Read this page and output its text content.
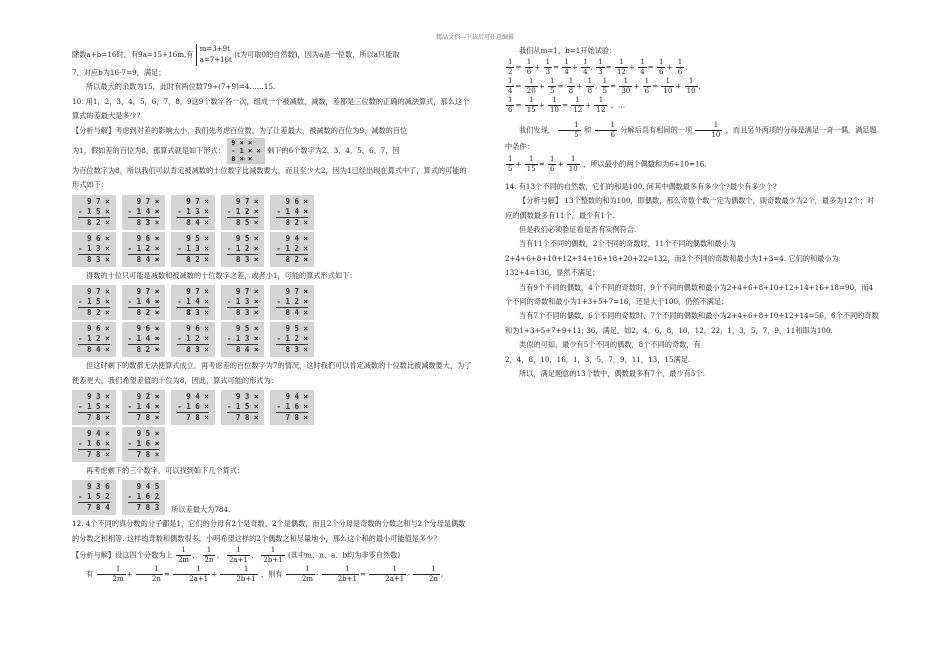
精品文档---下载后可任意编辑

除数a+b=16时，有9a=15+16m,有 m=3+9t
a=7+16t (t为可取0的自然数)，因为a是一位数，所以a只能取

7，对应b为16-7=9，满足；

所以最大的余数为15，此时有两位数79÷(7+9)=4……15.

10. 用1，2，3，4，5，6，7，8，9这9个数字各一次，组成一个被减数，减数，差都是三位数的正确的减法算式，那么这个算式的差最大是多少？

【分析与解】考虑到对差的影响大小，我们先考虑百位数。为了让差最大，被减数的百位为9，减数的百位

为1，假如差的百位为8，那算式就是如下形式： 9 × ×
- 1 × ×
8 × × 剩下的6个数字为2、3、4、5、6、7，因

为百位数字为8，所以我们可以肯定被减数的十位数字比减数要大，而且至少大2，因为1已经出现在算式中了，算式的可能的形式如下：

9 7 ×
- 1 5 ×
8 2 ×
9 7 ×
- 1 4 ×
8 3 ×
9 7 ×
- 1 3 ×
8 4 ×
9 7 ×
- 1 2 ×
8 5 ×
9 6 ×
- 1 4 ×
8 2 ×
9 6 ×
- 1 3 ×
8 3 ×
9 6 ×
- 1 2 ×
8 4 ×
9 5 ×
- 1 3 ×
8 2 ×
9 5 ×
- 1 2 ×
8 3 ×
9 4 ×
- 1 2 ×
8 2 ×

得数的十位只可能是减数和被减数的十位数字之差，或者小1，可能的算式形式如下：

9 7 ×
- 1 5 ×
8 2 ×
9 7 ×
- 1 4 ×
8 2 ×
9 7 ×
- 1 4 ×
8 3 ×
9 7 ×
- 1 3 ×
8 3 ×
9 7 ×
- 1 2 ×
8 4 ×
9 6 ×
- 1 2 ×
8 4 ×
9 6 ×
- 1 4 ×
8 2 ×
9 6 ×
- 1 2 ×
8 3 ×
9 5 ×
- 1 3 ×
8 4 ×
9 5 ×
- 1 2 ×
8 3 ×

但这时剩下的数都无法使算式成立。再考虑差的百位数字为7的情况，这时我们可以肯定减数的十位数比被减数要大，为了使差更大，我们希望差值的十位为8，因此，算式可能的形式为：

9 3 ×
- 1 5 ×
7 8 ×
9 2 ×
- 1 4 ×
7 8 ×
9 4 ×
- 1 6 ×
7 8 ×
9 3 ×
- 1 5 ×
7 8 ×
9 4 ×
- 1 6 ×
7 8 ×
9 4 ×
- 1 6 ×
7 8 ×
9 5 ×
- 1 6 ×
7 8 ×

再考虑剩下的三个数字，可以找到如下几个算式：

9 3 6
- 1 5 2
7 8 4
9 4 5
- 1 6 2
7 8 3 所以差最大为784.

12. 4个不同的真分数的分子都是1，它们的分母有2个是奇数、2个是偶数，而且2个分母是奇数的分数之和与2个分母是偶数的分数之和相等. 这样的奇数和偶数很多，小明希望这样的2个偶数之和尽量地小，那么这个和的最小可能值是多少？

【分析与解】设这四个分数为上 $\frac{1}{2m}$ 、 $\frac{1}{2n}$ 、 $\frac{1}{2a+1}$ 、 $\frac{1}{2b+1}$ (其中m、n、a、b均为非零自然数)

有 $\frac{1}{2m} + \frac{1}{2n} = \frac{1}{2a+1} + \frac{1}{2b+1}$ ，则有 $\frac{1}{2m} - \frac{1}{2b+1} = \frac{1}{2a+1} - \frac{1}{2n}$ ,

我们从m=1，b=1开始试验：

$\frac{1}{2} = \frac{1}{6} + \frac{1}{3} = \frac{1}{4} + \frac{1}{4}$ , $\frac{1}{3} = \frac{1}{12} + \frac{1}{4} = \frac{1}{6} + \frac{1}{6}$ ,

$\frac{1}{4} = \frac{1}{20} + \frac{1}{5} = \frac{1}{8} + \frac{1}{8}$ , $\frac{1}{5} = \frac{1}{30} + \frac{1}{6} = \frac{1}{10} + \frac{1}{10}$ ,

$\frac{1}{6} = \frac{1}{15} + \frac{1}{10} = \frac{1}{12} + \frac{1}{12}$ ，…

我们发现， $\frac{1}{5}$ 和 $\frac{1}{6}$ 分解后具有相同的一项 $\frac{1}{10}$ ，而且另外两项的分母是满足一奇一偶，满足题中条件：

$\frac{1}{5} + \frac{1}{15} = \frac{1}{6} + \frac{1}{10}$ ，所以最小的两个偶数和为6+10=16.

14. 有13个不同的自然数，它们的和是100. 问其中偶数最多有多少个?最少有多少个?

【分析与解】 13个整数的和为100，即偶数，那么奇数个数一定为偶数个，则奇数最少为2个，最多为12个；对应的偶数最多有11个，最少有1个.

但是我们必须验证看是否有实例符合.

当有11个不同的偶数，2个不同的奇数时，11个不同的偶数和最小为2+4+6+8+10+12+14+16+18+20+22=132，而2个不同的奇数和最小为1+3=4. 它们的和最小为132+4=136，显然不满足；

当有9个不同的偶数，4个不同的奇数时，9个不同的偶数和最小为2+4+6+8+10+12+14+16+18=90，而4个不同的奇数和最小为1+3+5+7=16，还是大于100，仍然不满足；

当有7个不同的偶数，6个不同的奇数时，7个不同的偶数和最小为2+4+6+8+10+12+14=56，6个不同的奇数和为1+3+5+7+9+11; 36，满足，如2，4，6，8，10，12，22，1，3，5，7，9，11和即为100.

类似的可知，最少有5个不同的偶数，8个不同的奇数，有

2，4，8，10，16，1，3，5，7，9，11，13，15满足.

所以，满足题意的13个数中，偶数最多有7个，最少有5个.
